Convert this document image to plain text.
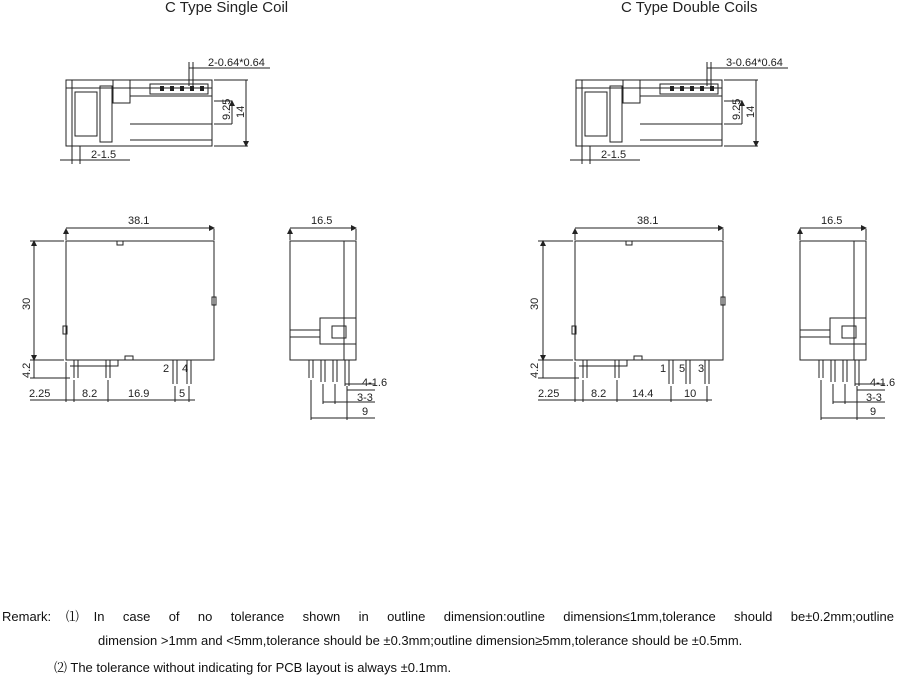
C Type Single Coil
2-0.64*0.64
9.25 14
2-1.5
38.1
30
4.2
2.25	8.2	16.9	5
2 4
16.5
4-1.6
3-3
9
C Type Double Coils
3-0.64*0.64
9.25 14
2-1.5
38.1
30
4.2
2.25	8.2 14.4	10
1 5 3
16.5
4-1.6
3-3
9
Remark:⑴In case of no tolerance shown in outline dimension:outline dimension≤1mm,tolerance should be±0.2mm;outline
dimension >1mm and <5mm,tolerance should be ±0.3mm;outline dimension≥5mm,tolerance should be ±0.5mm.
⑵ The tolerance without indicating for PCB layout is always ±0.1mm.
